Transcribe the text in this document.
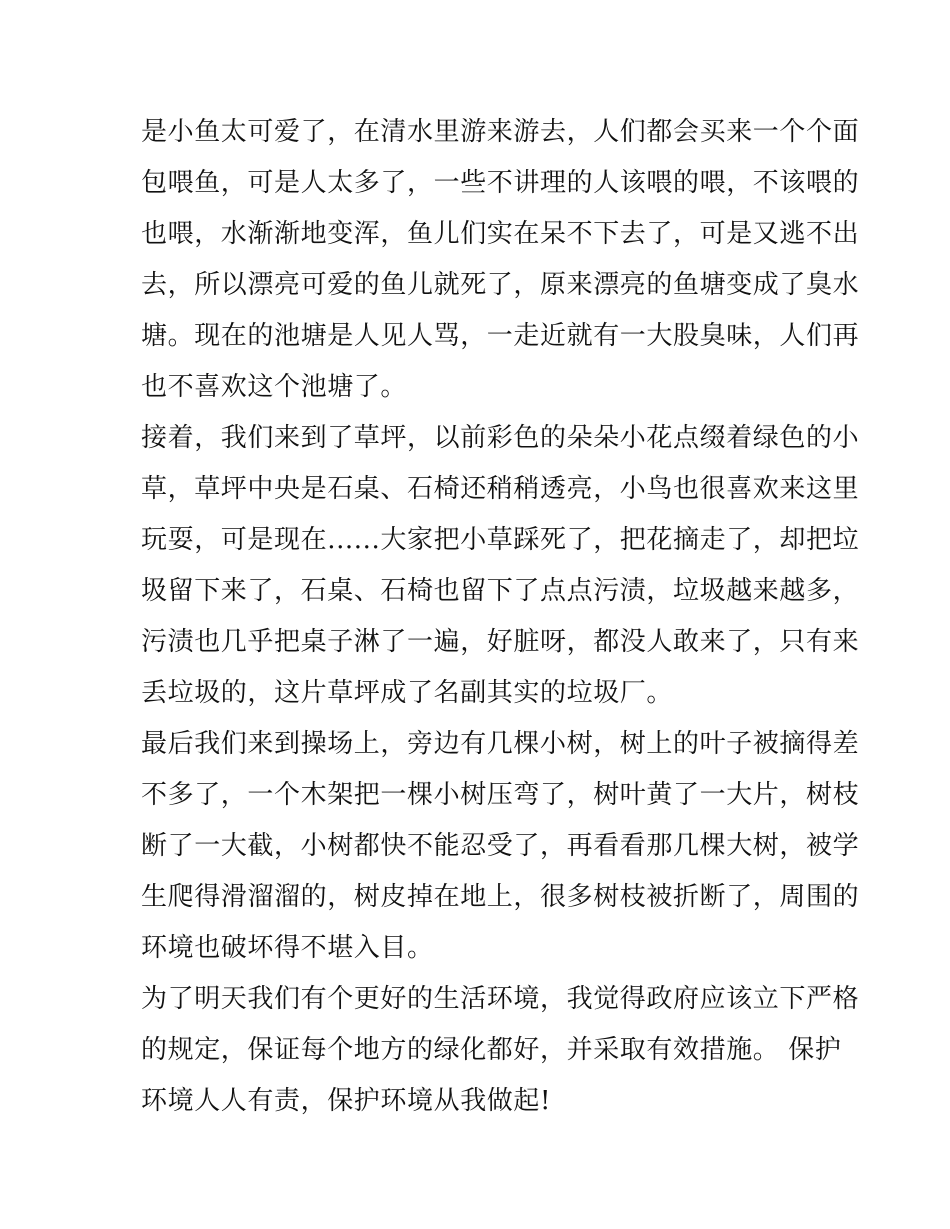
是小鱼太可爱了，在清水里游来游去，人们都会买来一个个面
包喂鱼，可是人太多了，一些不讲理的人该喂的喂，不该喂的
也喂，水渐渐地变浑，鱼儿们实在呆不下去了，可是又逃不出
去，所以漂亮可爱的鱼儿就死了，原来漂亮的鱼塘变成了臭水
塘。现在的池塘是人见人骂，一走近就有一大股臭味，人们再
也不喜欢这个池塘了。
接着，我们来到了草坪，以前彩色的朵朵小花点缀着绿色的小
草，草坪中央是石桌、石椅还稍稍透亮，小鸟也很喜欢来这里
玩耍，可是现在......大家把小草踩死了，把花摘走了，却把垃
圾留下来了，石桌、石椅也留下了点点污渍，垃圾越来越多，
污渍也几乎把桌子淋了一遍，好脏呀，都没人敢来了，只有来
丢垃圾的，这片草坪成了名副其实的垃圾厂。
最后我们来到操场上，旁边有几棵小树，树上的叶子被摘得差
不多了，一个木架把一棵小树压弯了，树叶黄了一大片，树枝
断了一大截，小树都快不能忍受了，再看看那几棵大树，被学
生爬得滑溜溜的，树皮掉在地上，很多树枝被折断了，周围的
环境也破坏得不堪入目。
为了明天我们有个更好的生活环境，我觉得政府应该立下严格
的规定，保证每个地方的绿化都好，并采取有效措施。 保护
环境人人有责，保护环境从我做起!
